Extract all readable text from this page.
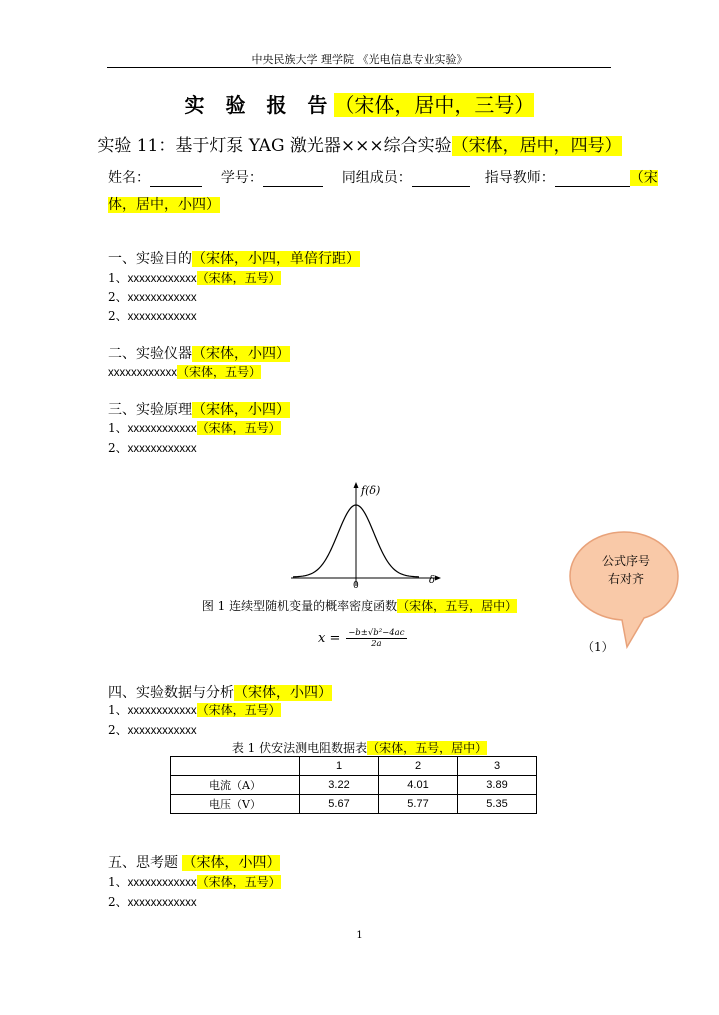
中央民族大学 理学院 《光电信息专业实验》
实 验 报 告（宋体，居中，三号）
实验 11：基于灯泵 YAG 激光器×××综合实验（宋体，居中，四号）
姓名：	学号：	同组成员：	指导教师：	（宋
体，居中，小四）
一、实验目的（宋体，小四，单倍行距）
1、xxxxxxxxxxxx（宋体，五号）
2、xxxxxxxxxxxx
2、xxxxxxxxxxxx
二、实验仪器（宋体，小四）
xxxxxxxxxxxx（宋体，五号）
三、实验原理（宋体，小四）
1、xxxxxxxxxxxx（宋体，五号）
2、xxxxxxxxxxxx
f(δ)
δ
0
图 1 连续型随机变量的概率密度函数（宋体，五号，居中）
$x = \frac{\text{−b±√b²−4ac}}{2a}$	（1）
公式序号
右对齐
四、实验数据与分析（宋体，小四）
1、xxxxxxxxxxxx（宋体，五号）
2、xxxxxxxxxxxx
表 1 伏安法测电阻数据表（宋体，五号，居中）
	1	2	3
电流（A）	3.22	4.01	3.89
电压（V）	5.67	5.77	5.35
五、思考题 （宋体，小四）
1、xxxxxxxxxxxx（宋体，五号）
2、xxxxxxxxxxxx
1
